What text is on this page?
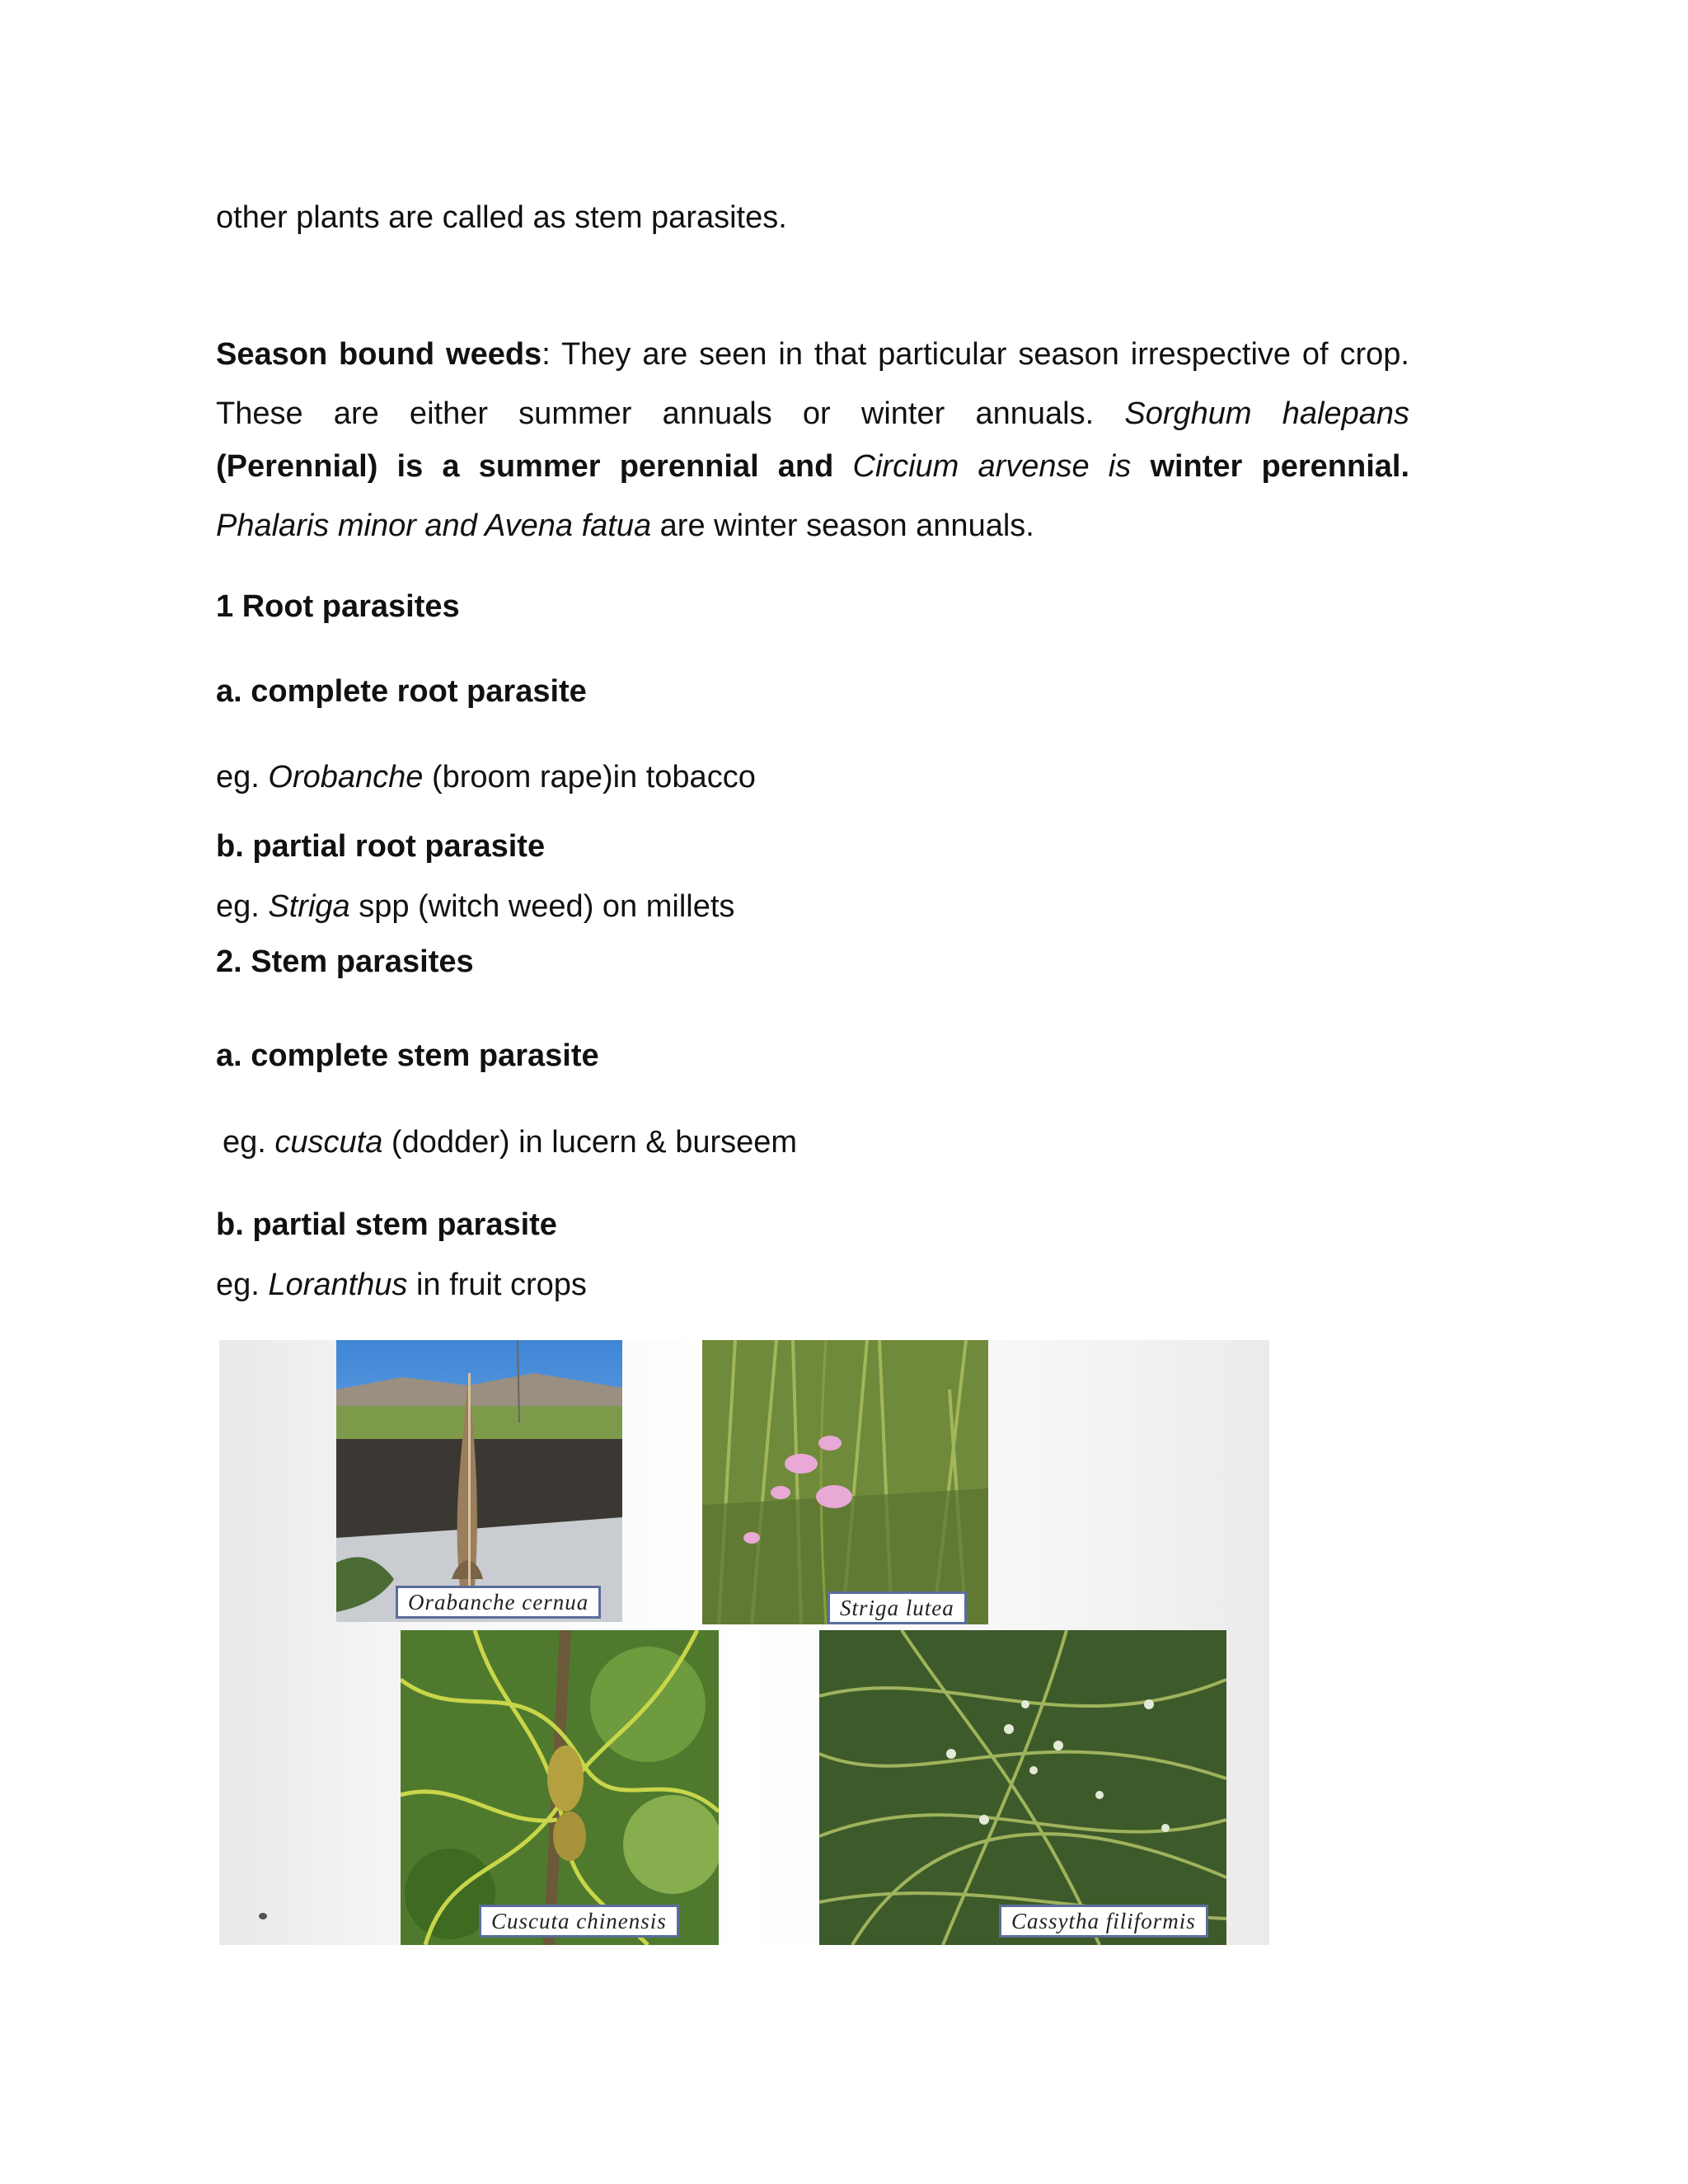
other plants are called as stem parasites.
Season bound weeds: They are seen in that particular season irrespective of crop. These are either summer annuals or winter annuals. Sorghum halepans
(Perennial) is a summer perennial and Circium arvense is winter perennial.
Phalaris minor and Avena fatua are winter season annuals.
1 Root parasites
a. complete root parasite
eg. Orobanche (broom rape)in tobacco
b. partial root parasite
eg. Striga spp (witch weed) on millets
2. Stem parasites
a. complete stem parasite
eg. cuscuta (dodder) in lucern & burseem
b. partial stem parasite
eg. Loranthus in fruit crops
Orabanche cernua	Striga lutea
Cuscuta chinensis	Cassytha filiformis
